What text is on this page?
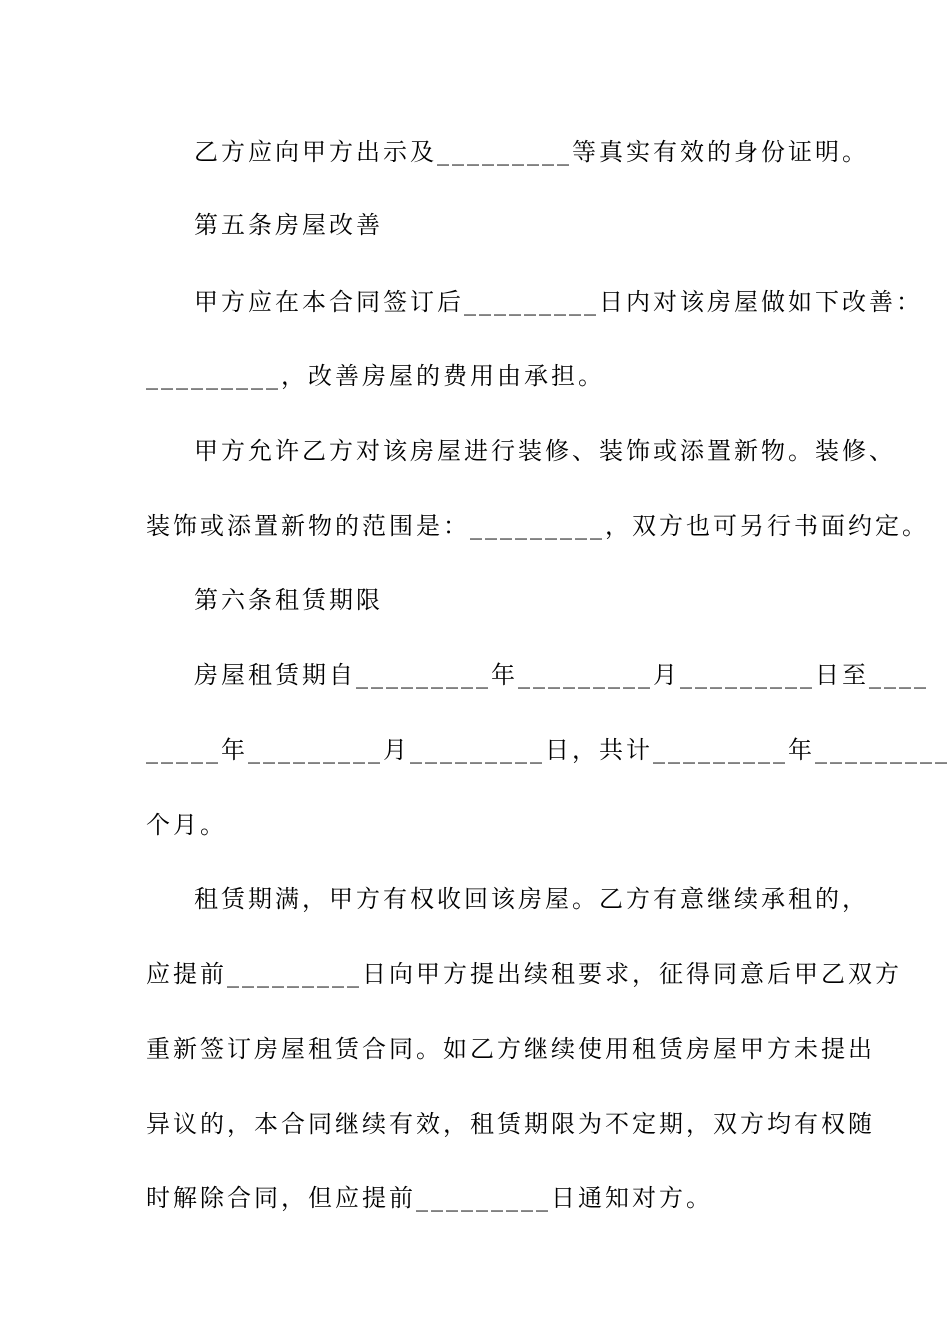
乙方应向甲方出示及_________等真实有效的身份证明。
第五条房屋改善
甲方应在本合同签订后_________日内对该房屋做如下改善：
_________，改善房屋的费用由承担。
甲方允许乙方对该房屋进行装修、装饰或添置新物。装修、
装饰或添置新物的范围是：_________，双方也可另行书面约定。
第六条租赁期限
房屋租赁期自_________年_________月_________日至____
_____年_________月_________日，共计_________年_________
个月。
租赁期满，甲方有权收回该房屋。乙方有意继续承租的，
应提前_________日向甲方提出续租要求，征得同意后甲乙双方
重新签订房屋租赁合同。如乙方继续使用租赁房屋甲方未提出
异议的，本合同继续有效，租赁期限为不定期，双方均有权随
时解除合同，但应提前_________日通知对方。
